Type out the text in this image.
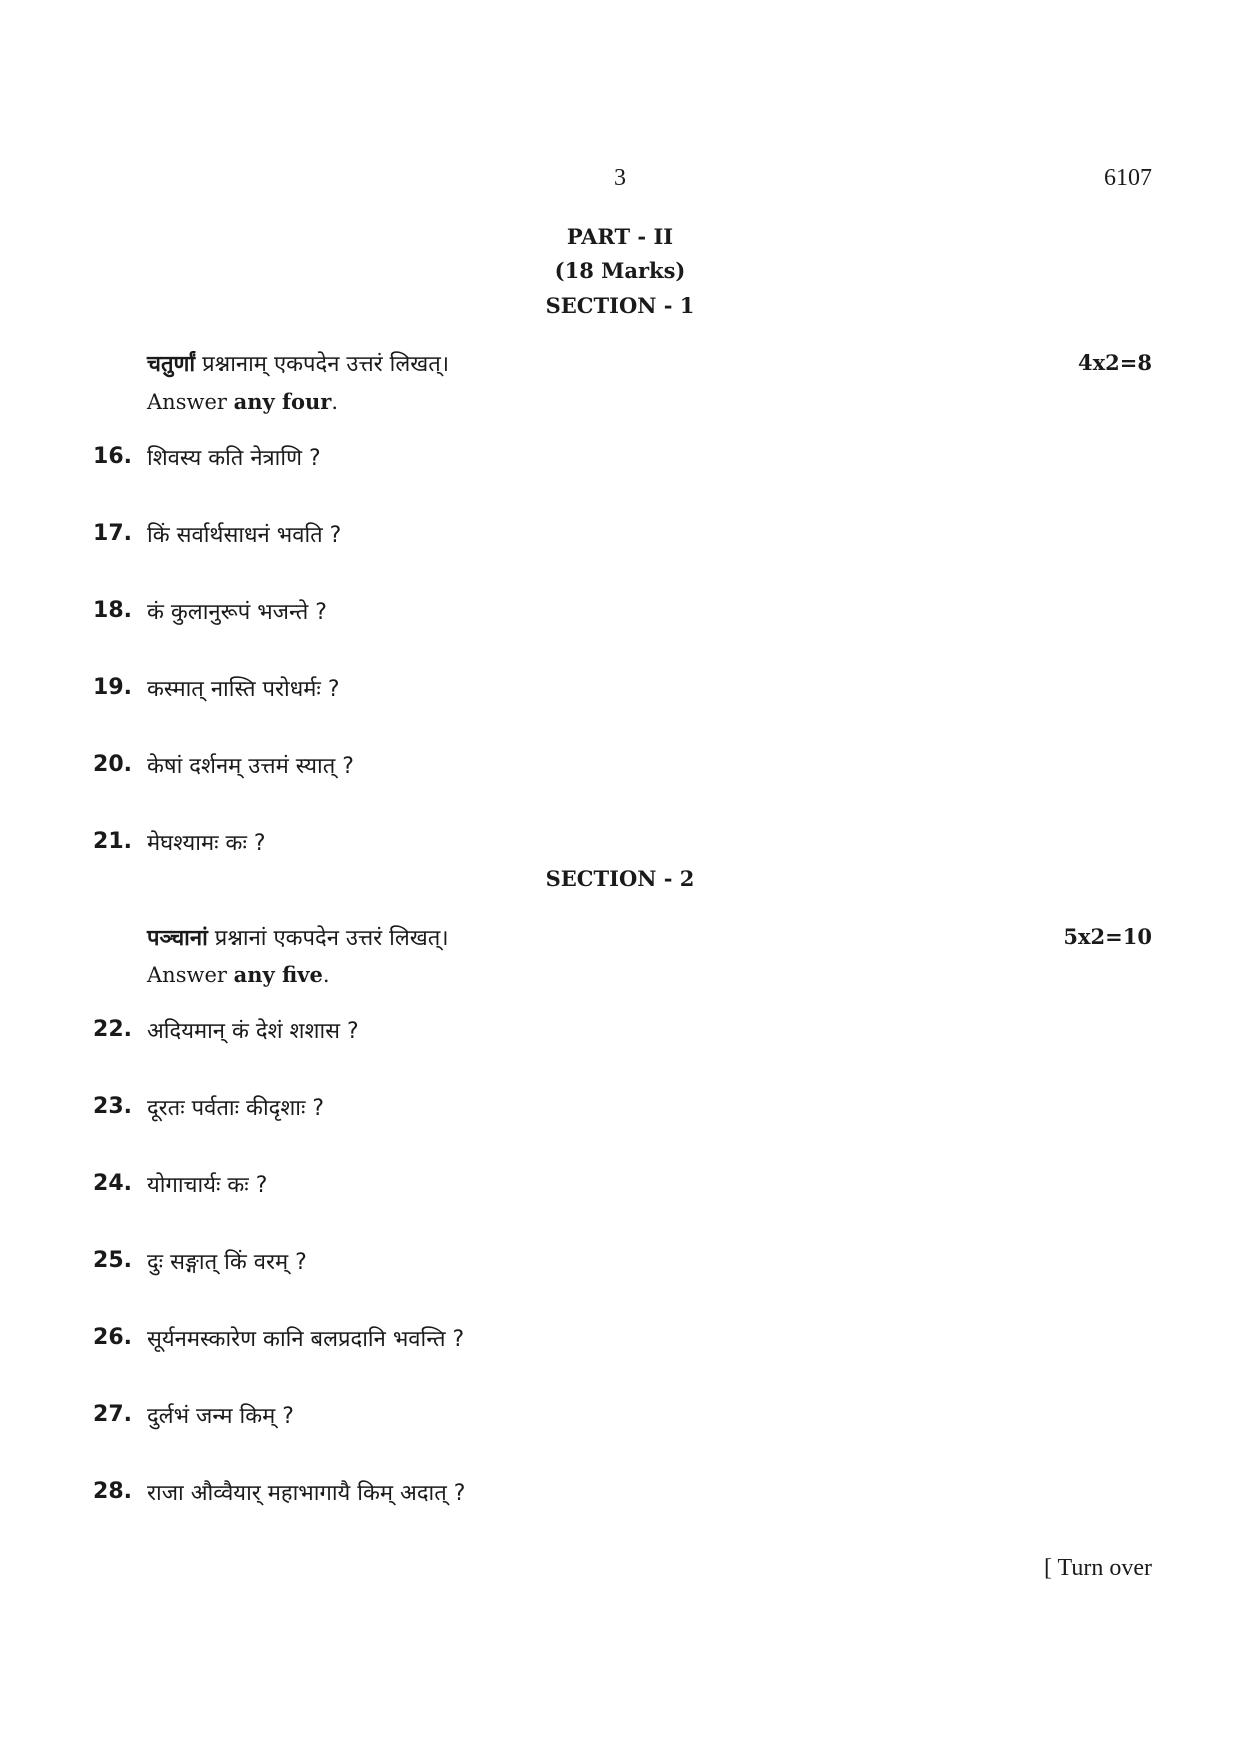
3	6107
PART - II
(18 Marks)
SECTION - 1
चतुर्णां प्रश्नानाम् एकपदेन उत्तरं लिखत्।	4x2=8
Answer any four.
16. शिवस्य कति नेत्राणि ?
17. किं सर्वार्थसाधनं भवति ?
18. कं कुलानुरूपं भजन्ते ?
19. कस्मात् नास्ति परोधर्मः ?
20. केषां दर्शनम् उत्तमं स्यात् ?
21. मेघश्यामः कः ?
SECTION - 2
पञ्चानां प्रश्नानां एकपदेन उत्तरं लिखत्।	5x2=10
Answer any five.
22. अदियमान् कं देशं शशास ?
23. दूरतः पर्वताः कीदृशाः ?
24. योगाचार्यः कः ?
25. दुः सङ्गात् किं वरम् ?
26. सूर्यनमस्कारेण कानि बलप्रदानि भवन्ति ?
27. दुर्लभं जन्म किम् ?
28. राजा औव्वैयार् महाभागायै किम् अदात् ?
[ Turn over
